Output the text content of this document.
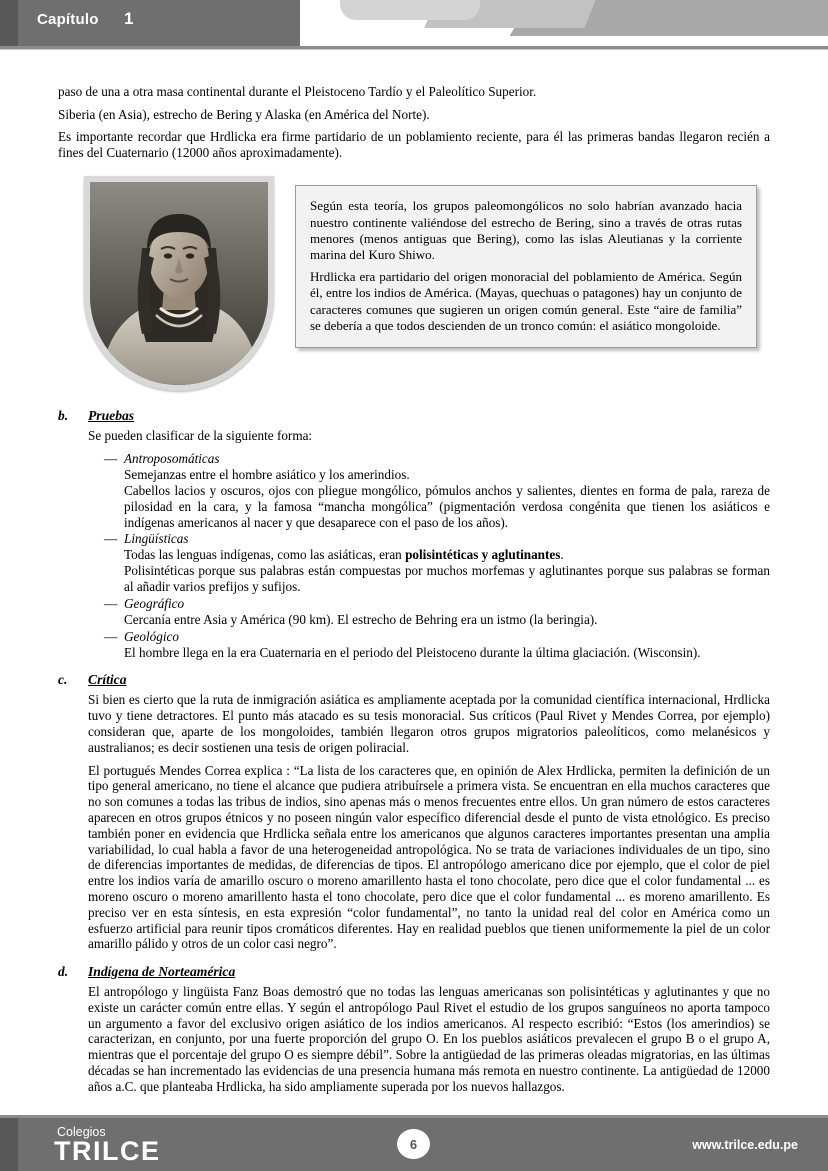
Capítulo 1

paso de una a otra masa continental durante el Pleistoceno Tardío y el Paleolítico Superior.

Siberia (en Asia), estrecho de Bering y Alaska (en América del Norte).

Es importante recordar que Hrdlicka era firme partidario de un poblamiento reciente, para él las primeras bandas llegaron recién a fines del Cuaternario (12000 años aproximadamente).

Según esta teoría, los grupos paleomongólicos no solo habrían avanzado hacia nuestro continente valiéndose del estrecho de Bering, sino a través de otras rutas menores (menos antiguas que Bering), como las islas Aleutianas y la corriente marina del Kuro Shiwo.

Hrdlicka era partidario del origen monoracial del poblamiento de América. Según él, entre los indios de América. (Mayas, quechuas o patagones) hay un conjunto de caracteres comunes que sugieren un origen común general. Este “aire de familia” se debería a que todos descienden de un tronco común: el asiático mongoloide.

b. Pruebas

Se pueden clasificar de la siguiente forma:

— Antroposomáticas

Semejanzas entre el hombre asiático y los amerindios.

Cabellos lacios y oscuros, ojos con pliegue mongólico, pómulos anchos y salientes, dientes en forma de pala, rareza de pilosidad en la cara, y la famosa “mancha mongólica” (pigmentación verdosa congénita que tienen los asiáticos e indígenas americanos al nacer y que desaparece con el paso de los años).

— Lingüísticas

Todas las lenguas indígenas, como las asiáticas, eran polisintéticas y aglutinantes.

Polisintéticas porque sus palabras están compuestas por muchos morfemas y aglutinantes porque sus palabras se forman al añadir varios prefijos y sufijos.

— Geográfico

Cercanía entre Asia y América (90 km). El estrecho de Behring era un istmo (la beringia).

— Geológico

El hombre llega en la era Cuaternaria en el periodo del Pleistoceno durante la última glaciación. (Wisconsin).

c. Crítica

Si bien es cierto que la ruta de inmigración asiática es ampliamente aceptada por la comunidad científica internacional, Hrdlicka tuvo y tiene detractores. El punto más atacado es su tesis monoracial. Sus críticos (Paul Rivet y Mendes Correa, por ejemplo) consideran que, aparte de los mongoloides, también llegaron otros grupos migratorios paleolíticos, como melanésicos y australianos; es decir sostienen una tesis de origen poliracial.

El portugués Mendes Correa explica : “La lista de los caracteres que, en opinión de Alex Hrdlicka, permiten la definición de un tipo general americano, no tiene el alcance que pudiera atribuírsele a primera vista. Se encuentran en ella muchos caracteres que no son comunes a todas las tribus de indios, sino apenas más o menos frecuentes entre ellos. Un gran número de estos caracteres aparecen en otros grupos étnicos y no poseen ningún valor específico diferencial desde el punto de vista etnológico. Es preciso también poner en evidencia que Hrdlicka señala entre los americanos que algunos caracteres importantes presentan una amplia variabilidad, lo cual habla a favor de una heterogeneidad antropológica. No se trata de variaciones individuales de un tipo, sino de diferencias importantes de medidas, de diferencias de tipos. El antropólogo americano dice por ejemplo, que el color de piel entre los indios varía de amarillo oscuro o moreno amarillento hasta el tono chocolate, pero dice que el color fundamental ... es moreno oscuro o moreno amarillento hasta el tono chocolate, pero dice que el color fundamental ... es moreno amarillento. Es preciso ver en esta síntesis, en esta expresión “color fundamental”, no tanto la unidad real del color en América como un esfuerzo artificial para reunir tipos cromáticos diferentes. Hay en realidad pueblos que tienen uniformemente la piel de un color amarillo pálido y otros de un color casi negro”.

d. Indígena de Norteamérica

El antropólogo y lingüista Fanz Boas demostró que no todas las lenguas americanas son polisintéticas y aglutinantes y que no existe un carácter común entre ellas. Y según el antropólogo Paul Rivet el estudio de los grupos sanguíneos no aporta tampoco un argumento a favor del exclusivo origen asiático de los indios americanos. Al respecto escribió: “Estos (los amerindios) se caracterizan, en conjunto, por una fuerte proporción del grupo O. En los pueblos asiáticos prevalecen el grupo B o el grupo A, mientras que el porcentaje del grupo O es siempre débil”. Sobre la antigüedad de las primeras oleadas migratorias, en las últimas décadas se han incrementado las evidencias de una presencia humana más remota en nuestro continente. La antigüedad de 12000 años a.C. que planteaba Hrdlicka, ha sido ampliamente superada por los nuevos hallazgos.

Colegios
TRILCE	6	www.trilce.edu.pe
